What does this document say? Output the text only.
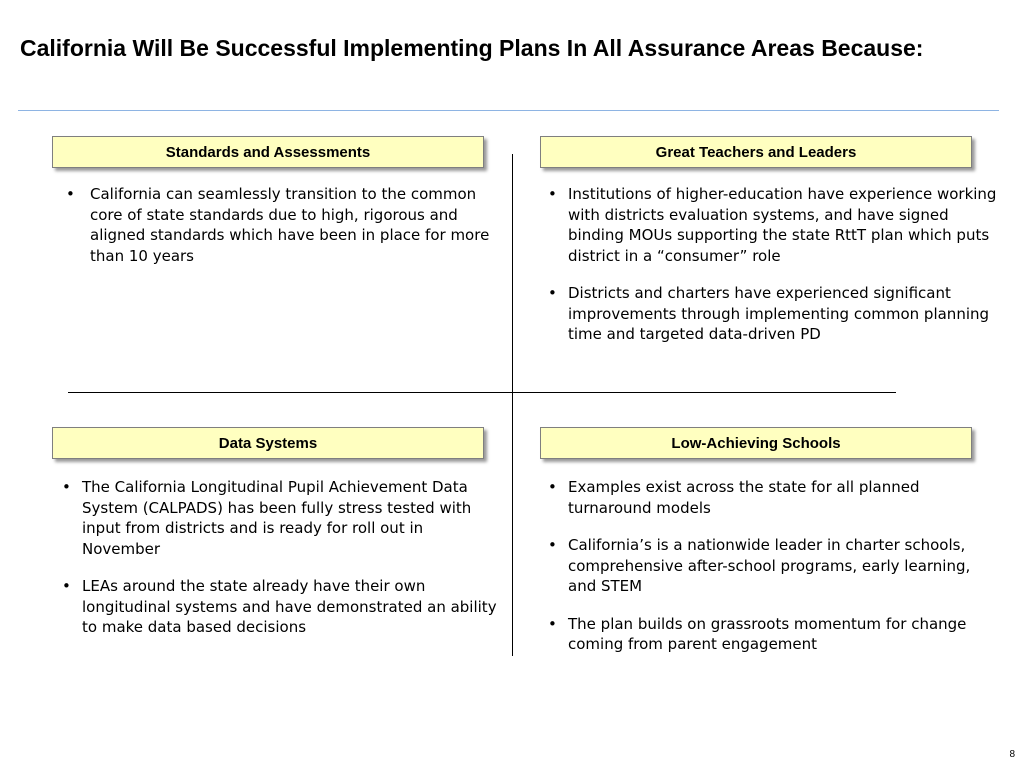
California Will Be Successful Implementing Plans In All Assurance Areas Because:
Standards and Assessments
• California can seamlessly transition to the common core of state standards due to high, rigorous and aligned standards which have been in place for more than 10 years
Great Teachers and Leaders
• Institutions of higher-education have experience working with districts evaluation systems, and have signed binding MOUs supporting the state RttT plan which puts district in a “consumer” role
• Districts and charters have experienced significant improvements through implementing common planning time and targeted data-driven PD
Data Systems
• The California Longitudinal Pupil Achievement Data System (CALPADS) has been fully stress tested with input from districts and is ready for roll out in November
• LEAs around the state already have their own longitudinal systems and have demonstrated an ability to make data based decisions
Low-Achieving Schools
• Examples exist across the state for all planned turnaround models
• California’s is a nationwide leader in charter schools, comprehensive after-school programs, early learning, and STEM
• The plan builds on grassroots momentum for change coming from parent engagement
8
